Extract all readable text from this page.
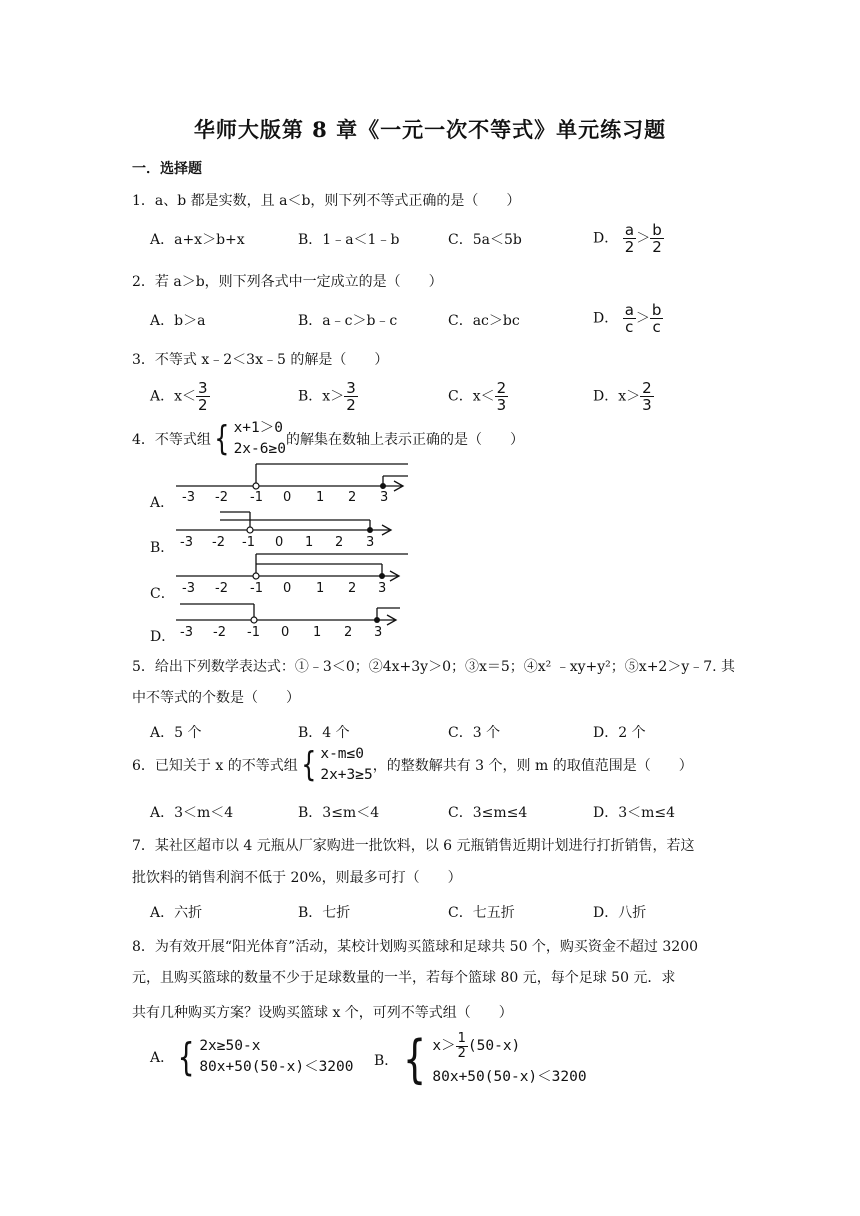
华师大版第 8 章《一元一次不等式》单元练习题
一．选择题
1．a、b 都是实数，且 a＜b，则下列不等式正确的是（　　）
A．a+x＞b+x	B．1﹣a＜1﹣b	C．5a＜5b	D． $\frac{a}{2} > \frac{b}{2}$
2．若 a＞b，则下列各式中一定成立的是（　　）
A．b＞a	B．a﹣c＞b﹣c	C．ac＞bc	D． $\frac{a}{c} > \frac{b}{c}$
3．不等式 x﹣2＜3x﹣5 的解是（　　）
A．$x< \frac{3}{2}$	B．$x> \frac{3}{2}$	C．$x< \frac{2}{3}$	D．$x> \frac{2}{3}$
4．不等式组 { x+1＞0
2x-6≥0
的解集在数轴上表示正确的是（　　）
A．
B．
C．
D．
-3 -2 -1 0 1 2 3
-3 -2 -1 0 1 2 3
-3 -2 -1 0 1 2 3
-3 -2 -1 0 1 2 3
5．给出下列数学表达式：①﹣3＜0；②4x+3y＞0；③x＝5；④x² ﹣xy+y²；⑤x+2＞y﹣7. 其
中不等式的个数是（　　）
A．5 个	B．4 个	C．3 个	D．2 个
6．已知关于 x 的不等式组 { x-m≤0
2x+3≥5
，的整数解共有 3 个，则 m 的取值范围是（　　）
A．3＜m＜4	B．3≤m＜4	C．3≤m≤4	D．3＜m≤4
7．某社区超市以 4 元瓶从厂家购进一批饮料，以 6 元瓶销售近期计划进行打折销售，若这
批饮料的销售利润不低于 20%，则最多可打（　　）
A．六折	B．七折	C．七五折	D．八折
8．为有效开展“阳光体育”活动，某校计划购买篮球和足球共 50 个，购买资金不超过 3200
元，且购买篮球的数量不少于足球数量的一半，若每个篮球 80 元，每个足球 50 元．求
共有几种购买方案？设购买篮球 x 个，可列不等式组（　　）
A． { 2x≥50-x
80x+50(50-x)＜3200 B． { $x> \frac{1}{2} (50-x)$
80x+50(50-x)＜3200
